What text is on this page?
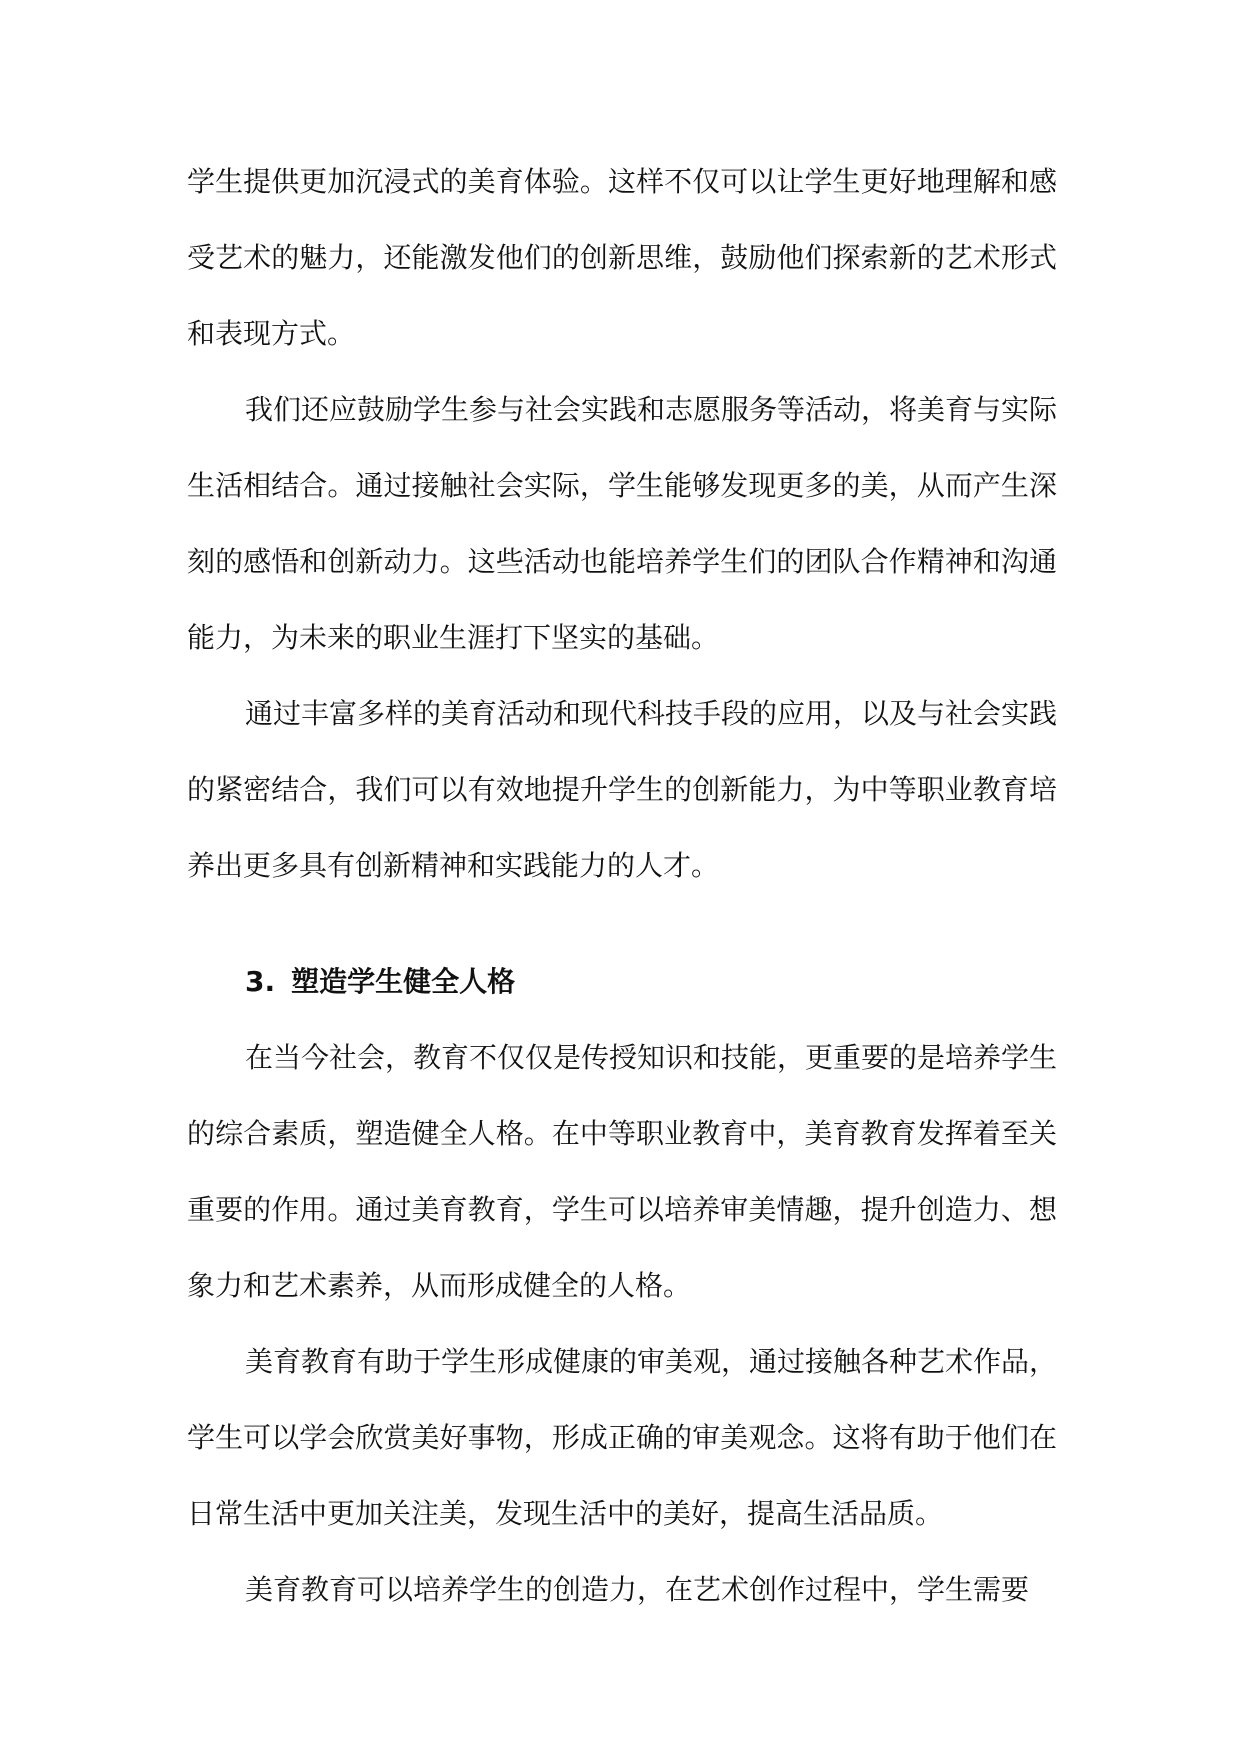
学生提供更加沉浸式的美育体验。这样不仅可以让学生更好地理解和感受艺术的魅力，还能激发他们的创新思维，鼓励他们探索新的艺术形式和表现方式。

我们还应鼓励学生参与社会实践和志愿服务等活动，将美育与实际生活相结合。通过接触社会实际，学生能够发现更多的美，从而产生深刻的感悟和创新动力。这些活动也能培养学生们的团队合作精神和沟通能力，为未来的职业生涯打下坚实的基础。

通过丰富多样的美育活动和现代科技手段的应用，以及与社会实践的紧密结合，我们可以有效地提升学生的创新能力，为中等职业教育培养出更多具有创新精神和实践能力的人才。

3. 塑造学生健全人格

在当今社会，教育不仅仅是传授知识和技能，更重要的是培养学生的综合素质，塑造健全人格。在中等职业教育中，美育教育发挥着至关重要的作用。通过美育教育，学生可以培养审美情趣，提升创造力、想象力和艺术素养，从而形成健全的人格。

美育教育有助于学生形成健康的审美观，通过接触各种艺术作品，学生可以学会欣赏美好事物，形成正确的审美观念。这将有助于他们在日常生活中更加关注美，发现生活中的美好，提高生活品质。

美育教育可以培养学生的创造力，在艺术创作过程中，学生需要
